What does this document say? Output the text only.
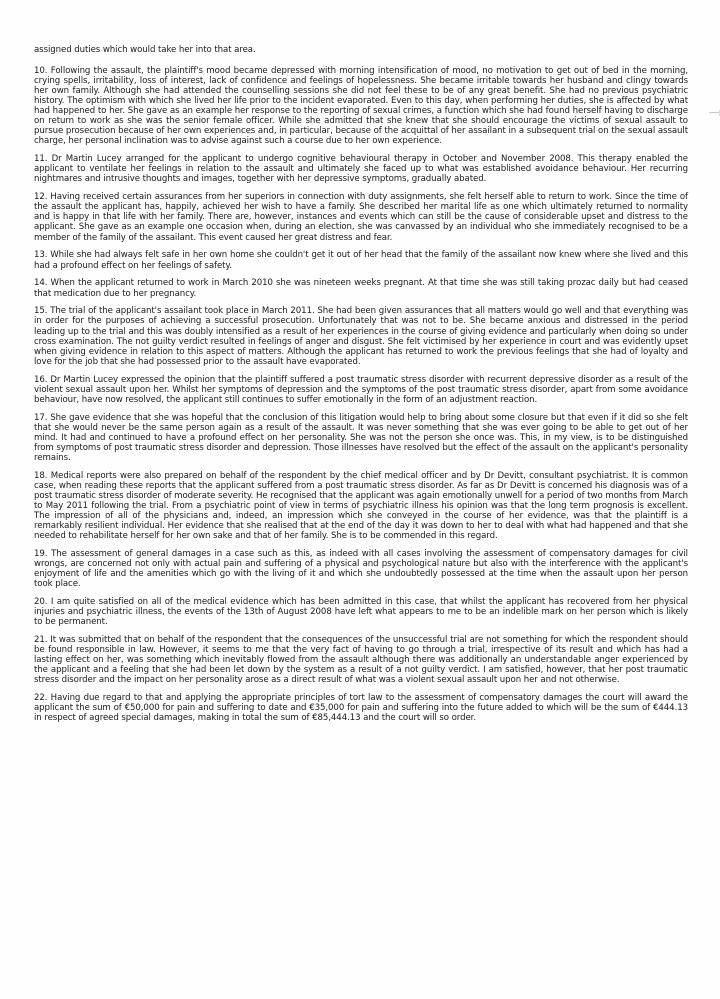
assigned duties which would take her into that area.

10. Following the assault, the plaintiff's mood became depressed with morning intensification of mood, no motivation to get out of bed in the morning, crying spells, irritability, loss of interest, lack of confidence and feelings of hopelessness. She became irritable towards her husband and clingy towards her own family. Although she had attended the counselling sessions she did not feel these to be of any great benefit. She had no previous psychiatric history. The optimism with which she lived her life prior to the incident evaporated. Even to this day, when performing her duties, she is affected by what had happened to her. She gave as an example her response to the reporting of sexual crimes, a function which she had found herself having to discharge on return to work as she was the senior female officer. While she admitted that she knew that she should encourage the victims of sexual assault to pursue prosecution because of her own experiences and, in particular, because of the acquittal of her assailant in a subsequent trial on the sexual assault charge, her personal inclination was to advise against such a course due to her own experience.

11. Dr Martin Lucey arranged for the applicant to undergo cognitive behavioural therapy in October and November 2008. This therapy enabled the applicant to ventilate her feelings in relation to the assault and ultimately she faced up to what was established avoidance behaviour. Her recurring nightmares and intrusive thoughts and images, together with her depressive symptoms, gradually abated.

12. Having received certain assurances from her superiors in connection with duty assignments, she felt herself able to return to work. Since the time of the assault the applicant has, happily, achieved her wish to have a family. She described her marital life as one which ultimately returned to normality and is happy in that life with her family. There are, however, instances and events which can still be the cause of considerable upset and distress to the applicant. She gave as an example one occasion when, during an election, she was canvassed by an individual who she immediately recognised to be a member of the family of the assailant. This event caused her great distress and fear.

13. While she had always felt safe in her own home she couldn't get it out of her head that the family of the assailant now knew where she lived and this had a profound effect on her feelings of safety.

14. When the applicant returned to work in March 2010 she was nineteen weeks pregnant. At that time she was still taking prozac daily but had ceased that medication due to her pregnancy.

15. The trial of the applicant's assailant took place in March 2011. She had been given assurances that all matters would go well and that everything was in order for the purposes of achieving a successful prosecution. Unfortunately that was not to be. She became anxious and distressed in the period leading up to the trial and this was doubly intensified as a result of her experiences in the course of giving evidence and particularly when doing so under cross examination. The not guilty verdict resulted in feelings of anger and disgust. She felt victimised by her experience in court and was evidently upset when giving evidence in relation to this aspect of matters. Although the applicant has returned to work the previous feelings that she had of loyalty and love for the job that she had possessed prior to the assault have evaporated.

16. Dr Martin Lucey expressed the opinion that the plaintiff suffered a post traumatic stress disorder with recurrent depressive disorder as a result of the violent sexual assault upon her. Whilst her symptoms of depression and the symptoms of the post traumatic stress disorder, apart from some avoidance behaviour, have now resolved, the applicant still continues to suffer emotionally in the form of an adjustment reaction.

17. She gave evidence that she was hopeful that the conclusion of this litigation would help to bring about some closure but that even if it did so she felt that she would never be the same person again as a result of the assault. It was never something that she was ever going to be able to get out of her mind. It had and continued to have a profound effect on her personality. She was not the person she once was. This, in my view, is to be distinguished from symptoms of post traumatic stress disorder and depression. Those illnesses have resolved but the effect of the assault on the applicant's personality remains.

18. Medical reports were also prepared on behalf of the respondent by the chief medical officer and by Dr Devitt, consultant psychiatrist. It is common case, when reading these reports that the applicant suffered from a post traumatic stress disorder. As far as Dr Devitt is concerned his diagnosis was of a post traumatic stress disorder of moderate severity. He recognised that the applicant was again emotionally unwell for a period of two months from March to May 2011 following the trial. From a psychiatric point of view in terms of psychiatric illness his opinion was that the long term prognosis is excellent. The impression of all of the physicians and, indeed, an impression which she conveyed in the course of her evidence, was that the plaintiff is a remarkably resilient individual. Her evidence that she realised that at the end of the day it was down to her to deal with what had happened and that she needed to rehabilitate herself for her own sake and that of her family. She is to be commended in this regard.

19. The assessment of general damages in a case such as this, as indeed with all cases involving the assessment of compensatory damages for civil wrongs, are concerned not only with actual pain and suffering of a physical and psychological nature but also with the interference with the applicant's enjoyment of life and the amenities which go with the living of it and which she undoubtedly possessed at the time when the assault upon her person took place.

20. I am quite satisfied on all of the medical evidence which has been admitted in this case, that whilst the applicant has recovered from her physical injuries and psychiatric illness, the events of the 13th of August 2008 have left what appears to me to be an indelible mark on her person which is likely to be permanent.

21. It was submitted that on behalf of the respondent that the consequences of the unsuccessful trial are not something for which the respondent should be found responsible in law. However, it seems to me that the very fact of having to go through a trial, irrespective of its result and which has had a lasting effect on her, was something which inevitably flowed from the assault although there was additionally an understandable anger experienced by the applicant and a feeling that she had been let down by the system as a result of a not guilty verdict. I am satisfied, however, that her post traumatic stress disorder and the impact on her personality arose as a direct result of what was a violent sexual assault upon her and not otherwise.

22. Having due regard to that and applying the appropriate principles of tort law to the assessment of compensatory damages the court will award the applicant the sum of €50,000 for pain and suffering to date and €35,000 for pain and suffering into the future added to which will be the sum of €444.13 in respect of agreed special damages, making in total the sum of €85,444.13 and the court will so order.
